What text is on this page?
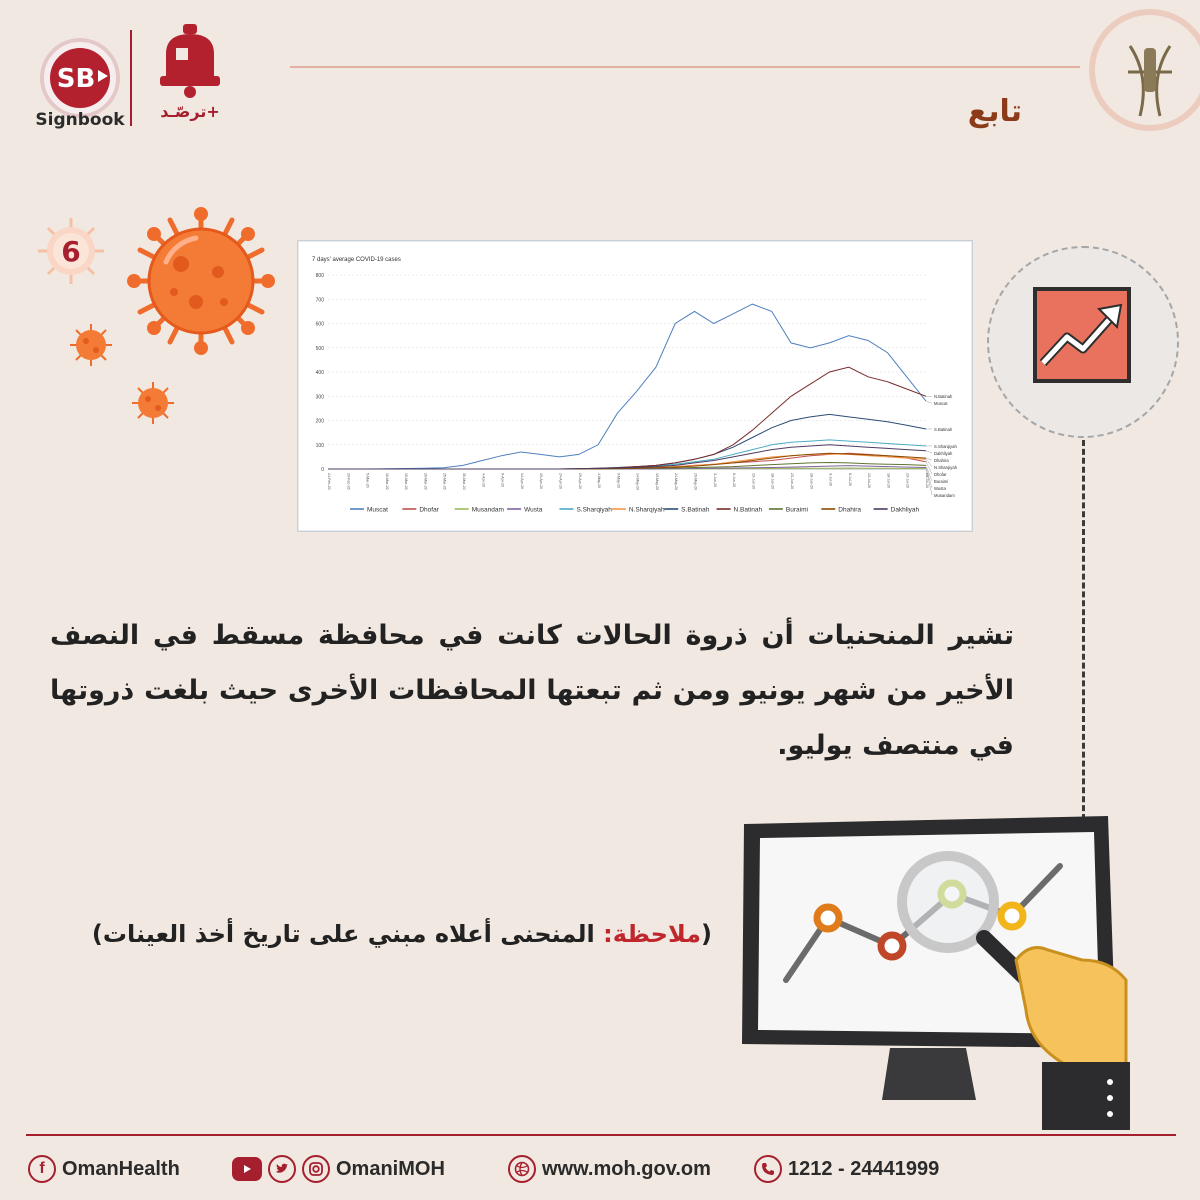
SB
Signbook	ترصّـد+	تابع
6	7 days' average COVID-19 cases
0
100
200
300
400
500
600
700
800
24-Feb-20	29-Feb-20	5-Mar-20	10-Mar-20	15-Mar-20	20-Mar-20	25-Mar-20	30-Mar-20	4-Apr-20	9-Apr-20	14-Apr-20	19-Apr-20	24-Apr-20	29-Apr-20	4-May-20	9-May-20	14-May-20	19-May-20	24-May-20	29-May-20	3-Jun-20	8-Jun-20	13-Jun-20	18-Jun-20	23-Jun-20	28-Jun-20	3-Jul-20	8-Jul-20	13-Jul-20	18-Jul-20	23-Jul-20	28-Jul-20
N.Batinah
Muscat
S.Batinah
S.Sharqiyah
Dakhliyah
Dhahira
N.Sharqiyah
Dhofar
Buraimi
Wusta
Musandam
Muscat	Dhofar	Musandam	Wusta	S.Sharqiyah	N.Sharqiyah	S.Batinah	N.Batinah	Buraimi	Dhahira	Dakhliyah
تشير المنحنيات أن ذروة الحالات كانت في محافظة مسقط في النصف الأخير من شهر يونيو ومن ثم تبعتها المحافظات الأخرى حيث بلغت ذروتها في منتصف يوليو.
(ملاحظة: المنحنى أعلاه مبني على تاريخ أخذ العينات)
f OmanHealth	OmaniMOH	www.moh.gov.om	1212 - 24441999
